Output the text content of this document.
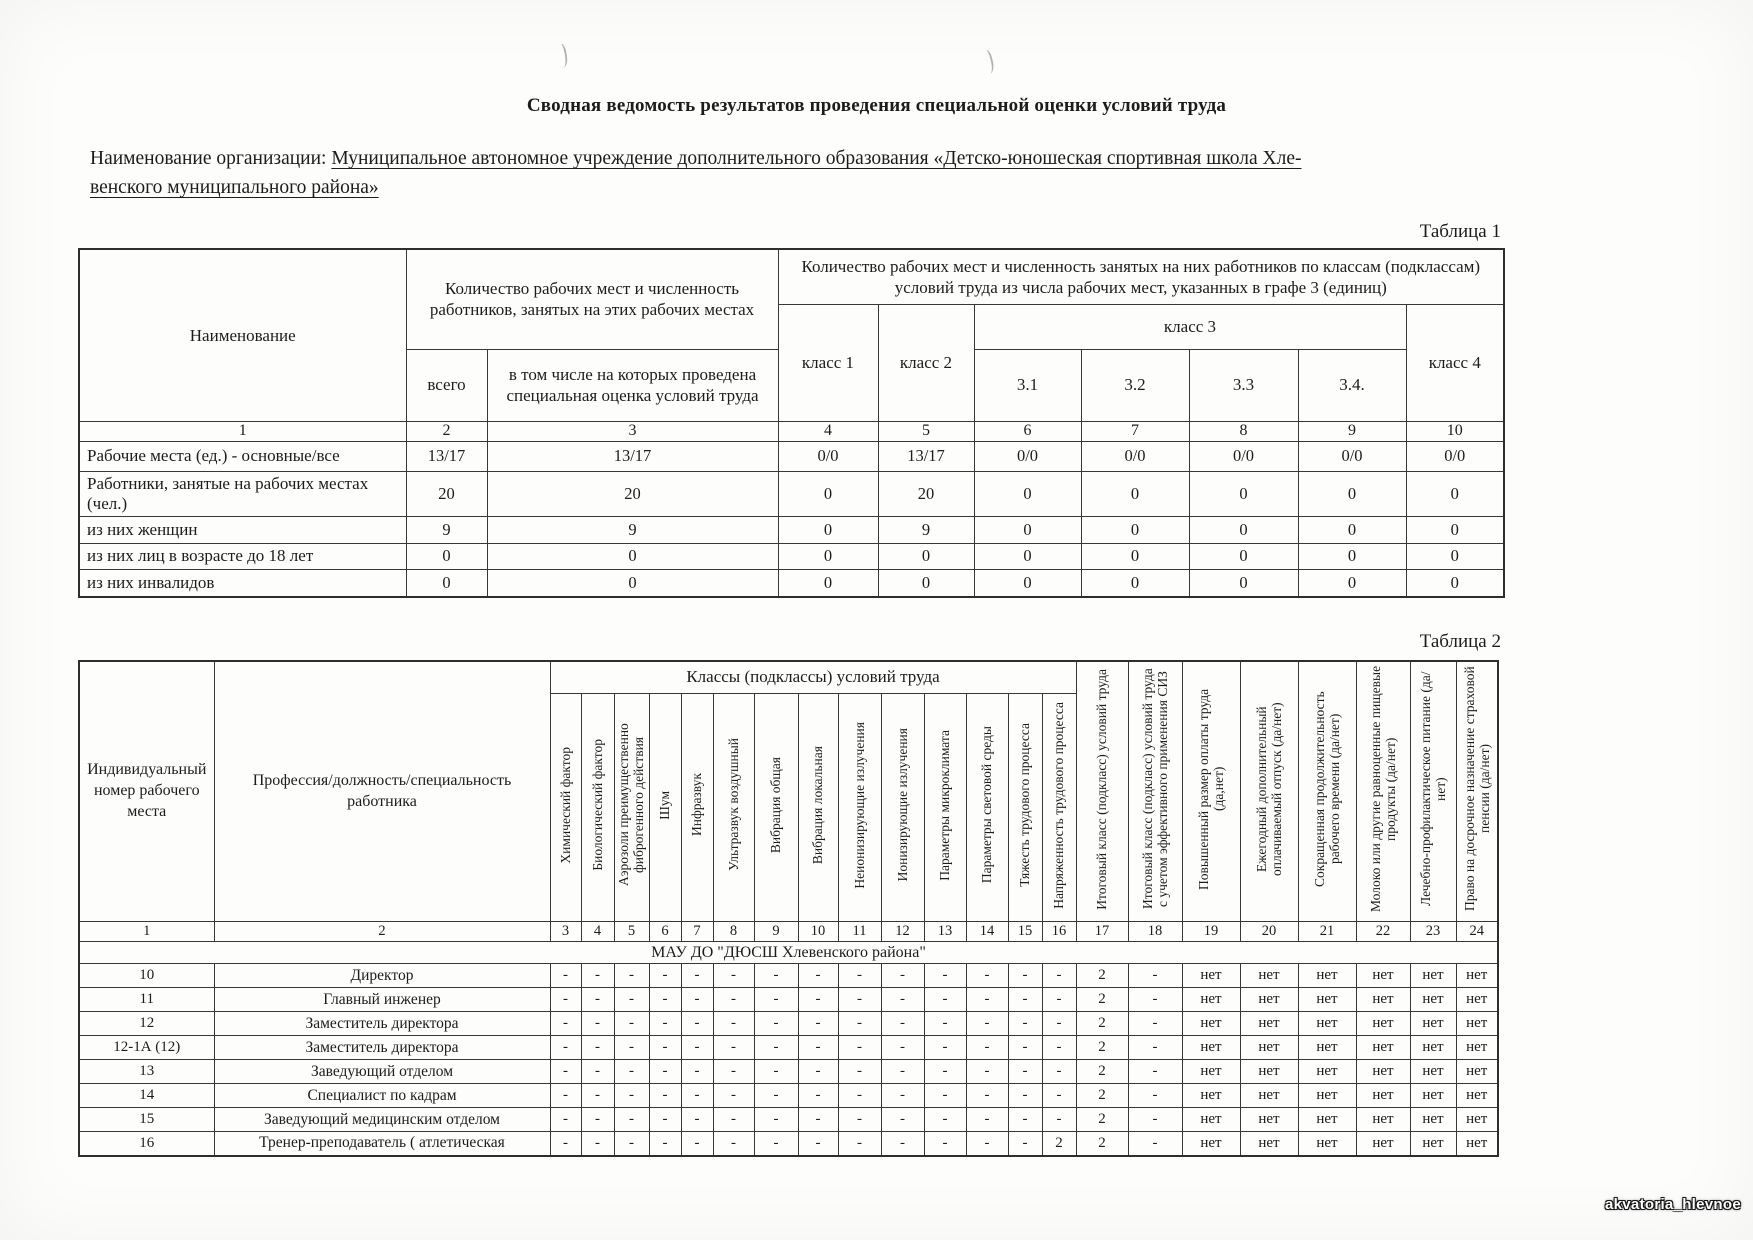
Сводная ведомость результатов проведения специальной оценки условий труда
Наименование организации: Муниципальное автономное учреждение дополнительного образования «Детско-юношеская спортивная школа Хле-
венского муниципального района»
Таблица 1
Наименование	Количество рабочих мест и численность работников, занятых на этих рабочих местах		Количество рабочих мест и численность занятых на них работников по классам (подклассам) условий труда из числа рабочих мест, указанных в графе 3 (единиц)						
			класс 1	класс 2	класс 3				класс 4
	всего	в том числе на которых проведена специальная оценка условий труда			3.1	3.2	3.3	3.4.	
1	2	3	4	5	6	7	8	9	10
Рабочие места (ед.) - основные/все	13/17	13/17	0/0	13/17	0/0	0/0	0/0	0/0	0/0
Работники, занятые на рабочих местах (чел.)	20	20	0	20	0	0	0	0	0
из них женщин	9	9	0	9	0	0	0	0	0
из них лиц в возрасте до 18 лет	0	0	0	0	0	0	0	0	0
из них инвалидов	0	0	0	0	0	0	0	0	0
Таблица 2
Индивидуальный номер рабочего места	Профессия/должность/специальность работника	Классы (подклассы) условий труда														Итоговый класс (подкласс) условий труда	Итоговый класс (подкласс) условий труда с учетом эффективного применения СИЗ	Повышенный размер оплаты труда (да,нет)	Ежегодный дополнительный оплачиваемый отпуск (да/нет)	Сокращенная продолжительность рабочего времени (да/нет)	Молоко или другие равноценные пищевые продукты (да/нет)	Лечебно-профилактическое питание (да/нет)	Право на досрочное назначение страховой пенсии (да/нет)
		Химический фактор	Биологический фактор	Аэрозоли преимущественно фиброгенного действия	Шум	Инфразвук	Ультразвук воздушный	Вибрация общая	Вибрация локальная	Неионизирующие излучения	Ионизирующие излучения	Параметры микроклимата	Параметры световой среды	Тяжесть трудового процесса	Напряженность трудового процесса								
1	2	3	4	5	6	7	8	9	10	11	12	13	14	15	16	17	18	19	20	21	22	23	24
МАУ ДО "ДЮСШ Хлевенского района"																							
10	Директор	-	-	-	-	-	-	-	-	-	-	-	-	-	-	2	-	нет	нет	нет	нет	нет	нет
11	Главный инженер	-	-	-	-	-	-	-	-	-	-	-	-	-	-	2	-	нет	нет	нет	нет	нет	нет
12	Заместитель директора	-	-	-	-	-	-	-	-	-	-	-	-	-	-	2	-	нет	нет	нет	нет	нет	нет
12-1А (12)	Заместитель директора	-	-	-	-	-	-	-	-	-	-	-	-	-	-	2	-	нет	нет	нет	нет	нет	нет
13	Заведующий отделом	-	-	-	-	-	-	-	-	-	-	-	-	-	-	2	-	нет	нет	нет	нет	нет	нет
14	Специалист по кадрам	-	-	-	-	-	-	-	-	-	-	-	-	-	-	2	-	нет	нет	нет	нет	нет	нет
15	Заведующий медицинским отделом	-	-	-	-	-	-	-	-	-	-	-	-	-	-	2	-	нет	нет	нет	нет	нет	нет
16	Тренер-преподаватель ( атлетическая	-	-	-	-	-	-	-	-	-	-	-	-	-	2	2	-	нет	нет	нет	нет	нет	нет
akvatoria_hlevnoe
